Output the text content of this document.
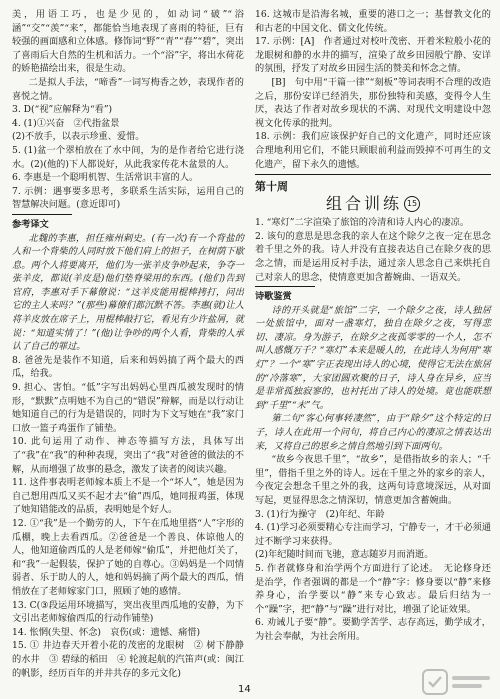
美，用语工巧，也是少见的，如动词“破”“浴涵”“交”“羡”“来”，都能恰当地表现了喜雨的特征，巨有较强的画面感和立体感。修饰词“野”“青”“春”“碧”，突出了喜雨后大自然的生机和活力。一个“浴”字，将出水荷花的娇艳描绘出来，很是生动。

二是拟人手法，“啼香”一词写梅香之妙，表现作者的喜悦之情。

3. D(“视”应解释为“看”)

4. (1)①兴奋　②代指盆景

(2)不放手，以表示珍重、爱惜。

5. (1)盆一个翠柏放在了水中间，为的是作者给它进行浇水。(2)(他的)下人都说好，从此我家传花木盆景的人。

6. 李惠是一个聪明机智、生活常识丰富的人。

7. 示例：遇事要多思考，多联系生活实际，运用自己的智慧解决问题。(意近即可)

参考译文

北魏的李惠，担任雍州刺史。(有一次)有一个背盐的人和一个背柴的人同时放下他们肩上的担子，在树荫下歇息。两个人将要离开，他们为一张羊皮争吵起来，争夺一张羊皮，都说(羊皮是)他们垫脊梁用的东西。(他们)告到官府，李惠对手下幕僚说：“这羊皮能用棍棒拷打，问出它的主人来吗？”(那些)幕僚们都沉默不答。李惠(就)让人将羊皮放在席子上，用棍棒敲打它，看见有少许盐屑，就说：“知道实情了！”(他)让争吵的两个人看，背柴的人承认了自己的罪过。

8. 爸爸先是装作不知道，后来和妈妈搞了两个最大的西瓜，给我。

9. 担心、害怕。“低”字写出妈妈心里西瓜被发现时的情形，“默默”点明她不为自己的“错误”辩解，而是以行动让她知道自己的行为是错误的，同时为下文写她在“我”家门口放一篮子鸡蛋作了铺垫。

10. 此句运用了动作、神态等描写方法，具体写出了“我”在“我”的种种表现，突出了“我”对爸爸的做法的不解，从而增强了故事的悬念，激发了读者的阅读兴趣。

11. 这件事表明老师嫁本质上不是一个“坏人”，她是因为自己想用西瓜又买不起才去“偷”西瓜，她同报鸡蛋，体现了她知错能改的品质，表明她是个好人。

12. ①“我”是一个勤劳的人，下午在瓜地里搭“人”字形的瓜棚，晚上去看西瓜。②爸爸是一个善良、体谅他人的人，他知道偷西瓜的人是老师嫁“偷瓜”，并把他灯关了，和“我”一起假装，保护了她的自尊心。③妈妈是一个同情弱者、乐于助人的人，她和妈妈摘了两个最大的西瓜，悄悄放在了老师嫁家门口，照顾了她的感情。

13. C(③段运用环境描写，突出夜里西瓜地的安静，为下文引出老师嫁偷西瓜的行动作铺垫)

14. 怅惘(失望、怀念)　哀伤(或：遗憾、痛惜)

15. ① 井边春天开着小花的茂密的龙眼树　② 树下静静的水井　③ 碧绿的稻田　④ 轮渡起航的汽笛声(或：闽江的帆影，经历百年的并井共存的多元文化)

16. 这城市是沿海名城，重要的港口之一；基督教文化的和古老的中国文化、儒文化传统。

17. 示例：[A]　作者通过对校叶茂密、开着米粒般小花的龙眼树和静的水井的描写，渲染了故乡田园般宁静、安详的氛围，抒发了对故乡田园生活的赞美和怀念之情。

[B]　句中用“干篇一律”“刻板”等词表明不合理的改造之后，那份安详已经消失，那份独特和美感，变得令人生厌，表达了作者对故乡现状的不满、对现代文明建设中忽视文化传承的批判。

18. 示例：我们应该保护好自己的文化遗产，同时还应该合理地利用它们，不能只顾眼前利益而毁掉不可再生的文化遗产，留下永久的遗憾。

第十周

组合训练 15

1. “寒灯”二字渲染了旅馆的冷清和诗人内心的凄凉。

2. 该句的意思是思念我的亲人在这个除夕之夜一定在思念着千里之外的我。诗人并没有直接表达自己在除夕夜的思念之情，而是运用反衬手法，通过亲人思念自己来烘托自己对亲人的思念，使情意更加含蓄婉曲、一语双关。

诗歌鉴赏

诗的开头就是“旅馆”二字，一个除夕之夜，诗人独居一处旅馆中，面对一盏寒灯，独自在除夕之夜，写得悲切、凄凉。身为游子，在除夕之夜孤零零的一个人，怎不叫人感慨万千？“寒灯”本来是暖人的，在此诗人为何用“寒灯”？一个“寒”字正表现出诗人的心境，使得它无法在旅居的“冷落寒”，大家团圆欢聚的日子，诗人身在异乡，应当是非常孤独寂寥的，也衬托出了诗人的处境。竟也能联想到“千里”“未”气。

第二句“客心何事转凄然”，由于“除夕”这个特定的日子，诗人在此用一个问句，将自己内心的凄凉之情表达出来，又将自己的思乡之情自然地引到下面两句。

“故乡今夜思千里”，“故乡”，是借指故乡的亲人；“千里”，借指千里之外的诗人。远在千里之外的家乡的亲人，今夜定会想念千里之外的我，这两句诗意境深远，从对面写起，更显得思念之情深切，情意更加含蓄婉曲。

3. (1)行为操守　(2)年纪、年龄

4. (1)学习必须要精心专注而学习，宁静专一，才干必须通过不断学习来获得。

(2)年纪随时间而飞驰，意志随岁月而消逝。

5. 作者就修身和治学两个方面进行了论述。　无论修身还是治学，作者强调的都是一个“静”字：修身要以“静”来修养身心，治学要以“静”来专心致志。最后归结为一个“躁”字，把“静”与“躁”进行对比，增强了论证效果。

6. 劝诫儿子要“静”。要勤学苦学、志存高远，勤学成才，为社会奉献，为社会所用。

14
